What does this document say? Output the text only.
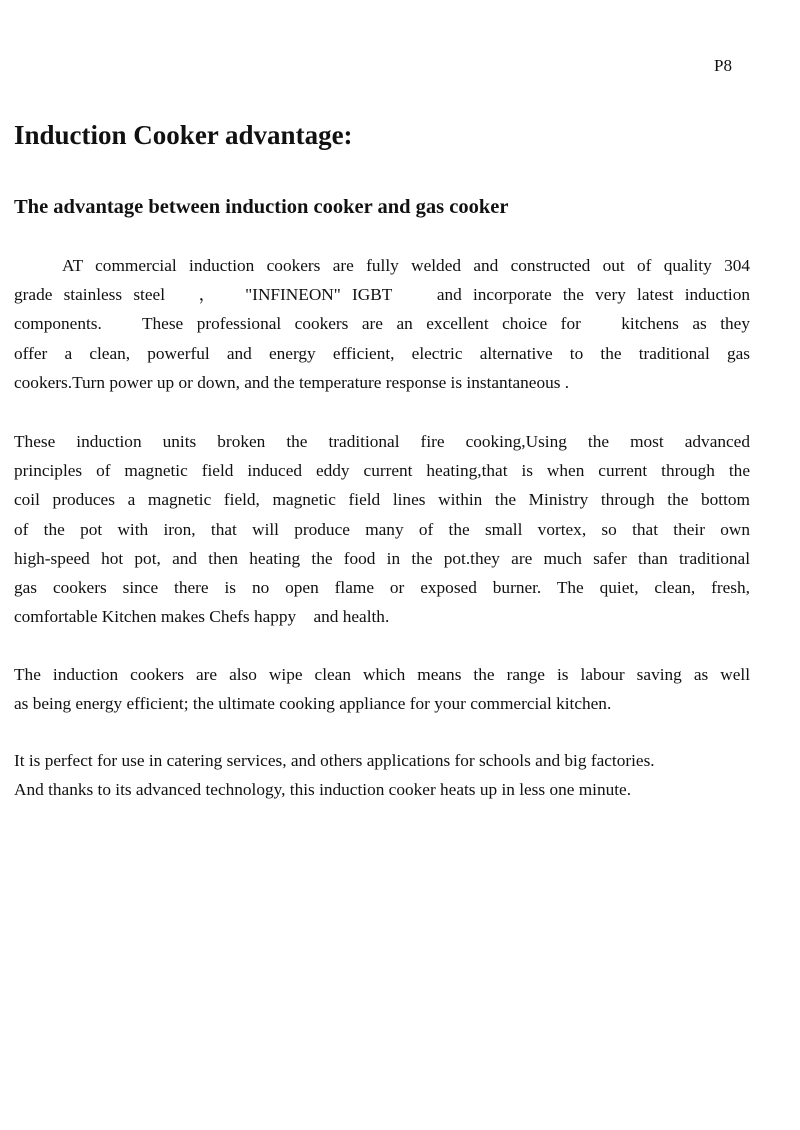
P8
Induction Cooker advantage:
The advantage between induction cooker and gas cooker
AT commercial induction cookers are fully welded and constructed out of quality 304
grade stainless steel   ，  "INFINEON" IGBT    and incorporate the very latest induction
components.   These professional cookers are an excellent choice for   kitchens as they
offer a clean, powerful and energy efficient, electric alternative to the traditional gas
cookers.Turn power up or down, and the temperature response is instantaneous .
These induction units broken the traditional fire cooking,Using the most advanced
principles of magnetic field induced eddy current heating,that is when current through the
coil produces a magnetic field, magnetic field lines within the Ministry through the bottom
of the pot with iron, that will produce many of the small vortex, so that their own
high-speed hot pot, and then heating the food in the pot.they are much safer than traditional
gas cookers since there is no open flame or exposed burner. The quiet, clean, fresh,
comfortable Kitchen makes Chefs happy    and health.
The induction cookers are also wipe clean which means the range is labour saving as well
as being energy efficient; the ultimate cooking appliance for your commercial kitchen.
It is perfect for use in catering services, and others applications for schools and big factories.
And thanks to its advanced technology, this induction cooker heats up in less one minute.
